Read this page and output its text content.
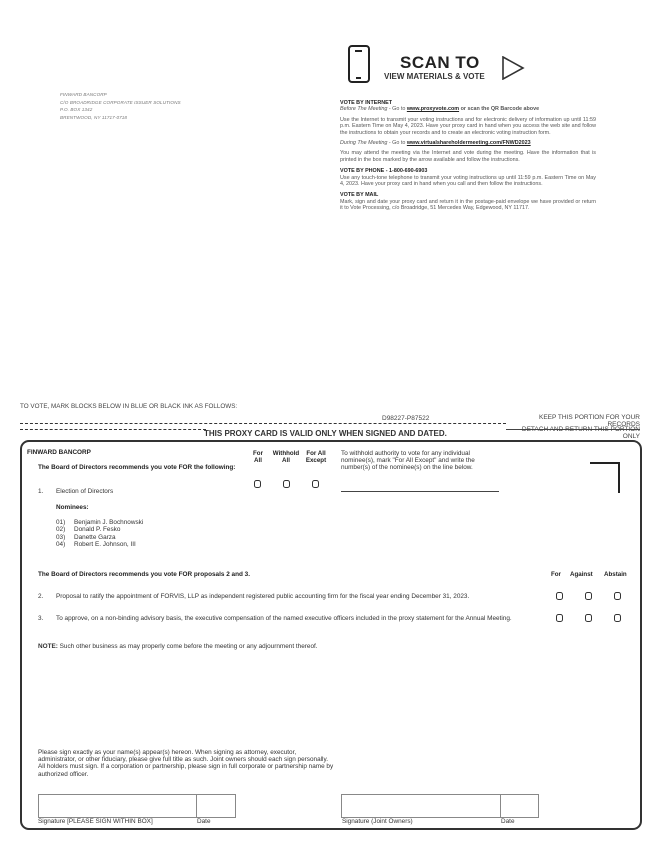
FINWARD BANCORP
C/O BROADRIDGE CORPORATE ISSUER SOLUTIONS
P.O. BOX 1342
BRENTWOOD, NY 11717-0718
SCAN TO
VIEW MATERIALS & VOTE
VOTE BY INTERNET

Before The Meeting - Go to www.proxyvote.com or scan the QR Barcode above

Use the Internet to transmit your voting instructions and for electronic delivery of information up until 11:59 p.m. Eastern Time on May 4, 2023. Have your proxy card in hand when you access the web site and follow the instructions to obtain your records and to create an electronic voting instruction form.

During The Meeting - Go to www.virtualshareholdermeeting.com/FNWD2023

You may attend the meeting via the Internet and vote during the meeting. Have the information that is printed in the box marked by the arrow available and follow the instructions.

VOTE BY PHONE - 1-800-690-6903

Use any touch-tone telephone to transmit your voting instructions up until 11:59 p.m. Eastern Time on May 4, 2023. Have your proxy card in hand when you call and then follow the instructions.

VOTE BY MAIL

Mark, sign and date your proxy card and return it in the postage-paid envelope we have provided or return it to Vote Processing, c/o Broadridge, 51 Mercedes Way, Edgewood, NY 11717.

TO VOTE, MARK BLOCKS BELOW IN BLUE OR BLACK INK AS FOLLOWS:
D98227-P87522	KEEP THIS PORTION FOR YOUR RECORDS
DETACH AND RETURN THIS PORTION ONLY
THIS PROXY CARD IS VALID ONLY WHEN SIGNED AND DATED.
FINWARD BANCORP
The Board of Directors recommends you vote FOR the following:
1. Election of Directors
Nominees:
01) Benjamin J. Bochnowski
02) Donald P. Fesko
03) Danette Garza
04) Robert E. Johnson, III
For
All
Withhold
All
For All
Except
To withhold authority to vote for any individual nominee(s), mark "For All Except" and write the number(s) of the nominee(s) on the line below.
The Board of Directors recommends you vote FOR proposals 2 and 3.	For Against Abstain
2. Proposal to ratify the appointment of FORVIS, LLP as independent registered public accounting firm for the fiscal year ending December 31, 2023.
3. To approve, on a non-binding advisory basis, the executive compensation of the named executive officers included in the proxy statement for the Annual Meeting.
NOTE: Such other business as may properly come before the meeting or any adjournment thereof.
Please sign exactly as your name(s) appear(s) hereon. When signing as attorney, executor, administrator, or other fiduciary, please give full title as such. Joint owners should each sign personally. All holders must sign. If a corporation or partnership, please sign in full corporate or partnership name by authorized officer.
Signature [PLEASE SIGN WITHIN BOX]	Date	Signature (Joint Owners)	Date
